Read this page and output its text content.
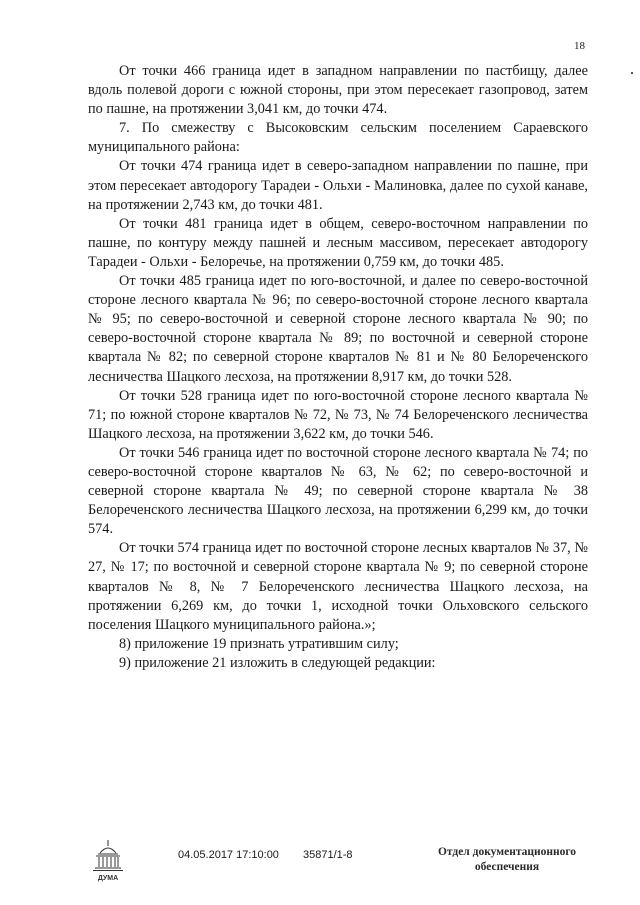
18

От точки 466 граница идет в западном направлении по пастбищу, далее вдоль полевой дороги с южной стороны, при этом пересекает газопровод, затем по пашне, на протяжении 3,041 км, до точки 474.

7. По смежеству с Высоковским сельским поселением Сараевского муниципального района:

От точки 474 граница идет в северо-западном направлении по пашне, при этом пересекает автодорогу Тарадеи - Ольхи - Малиновка, далее по сухой канаве, на протяжении 2,743 км, до точки 481.

От точки 481 граница идет в общем, северо-восточном направлении по пашне, по контуру между пашней и лесным массивом, пересекает автодорогу Тарадеи - Ольхи - Белоречье, на протяжении 0,759 км, до точки 485.

От точки 485 граница идет по юго-восточной, и далее по северо-восточной стороне лесного квартала № 96; по северо-восточной стороне лесного квартала № 95; по северо-восточной и северной стороне лесного квартала № 90; по северо-восточной стороне квартала № 89; по восточной и северной стороне квартала № 82; по северной стороне кварталов № 81 и № 80 Белореченского лесничества Шацкого лесхоза, на протяжении 8,917 км, до точки 528.

От точки 528 граница идет по юго-восточной стороне лесного квартала № 71; по южной стороне кварталов № 72, № 73, № 74 Белореченского лесничества Шацкого лесхоза, на протяжении 3,622 км, до точки 546.

От точки 546 граница идет по восточной стороне лесного квартала № 74; по северо-восточной стороне кварталов № 63, № 62; по северо-восточной и северной стороне квартала № 49; по северной стороне квартала № 38 Белореченского лесничества Шацкого лесхоза, на протяжении 6,299 км, до точки 574.

От точки 574 граница идет по восточной стороне лесных кварталов № 37, № 27, № 17; по восточной и северной стороне квартала № 9; по северной стороне кварталов № 8, № 7 Белореченского лесничества Шацкого лесхоза, на протяжении 6,269 км, до точки 1, исходной точки Ольховского сельского поселения Шацкого муниципального района.»;

8) приложение 19 признать утратившим силу;

9) приложение 21 изложить в следующей редакции:

ДУМА
04.05.2017 17:10:00 35871/1-8	Отдел документационного
обеспечения
